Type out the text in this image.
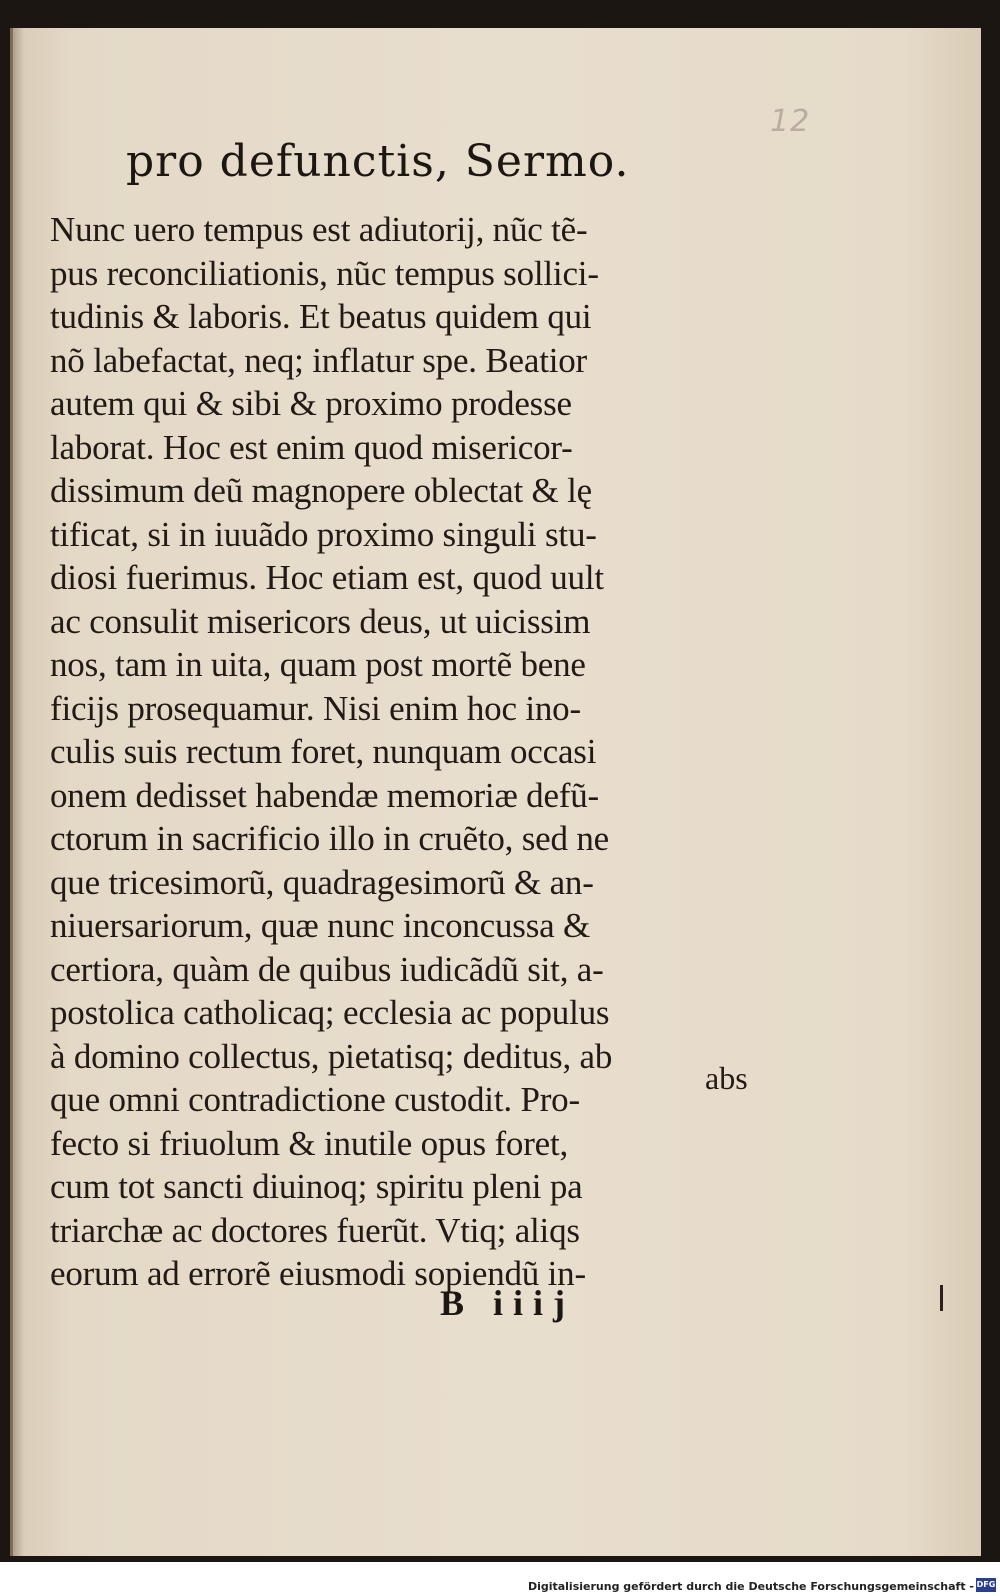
12
pro defunctis, Sermo.
Nunc uero tempus est adiutorij, nũc tẽ-
pus reconciliationis, nũc tempus sollici-
tudinis & laboris. Et beatus quidem qui
nõ labefactat, neq; inflatur spe. Beatior
autem qui & sibi & proximo prodesse
laborat. Hoc est enim quod misericor-
dissimum deũ magnopere oblectat & lę
tificat, si in iuuãdo proximo singuli stu-
diosi fuerimus. Hoc etiam est, quod uult
ac consulit misericors deus, ut uicissim
nos, tam in uita, quam post mortẽ bene
ficijs prosequamur. Nisi enim hoc ino-
culis suis rectum foret, nunquam occasi
onem dedisset habendæ memoriæ defũ-
ctorum in sacrificio illo in cruẽto, sed ne
que tricesimorũ, quadragesimorũ & an-
niuersariorum, quæ nunc inconcussa &
certiora, quàm de quibus iudicãdũ sit, a-
postolica catholicaq; ecclesia ac populus
à domino collectus, pietatisq; deditus, ab
que omni contradictione custodit. Pro-
fecto si friuolum & inutile opus foret,
cum tot sancti diuinoq; spiritu pleni pa
triarchæ ac doctores fuerũt. Vtiq; aliqs
eorum ad errorẽ eiusmodi sopiendũ in-
abs
B iiij
Digitalisierung gefördert durch die Deutsche Forschungsgemeinschaft - DFG
